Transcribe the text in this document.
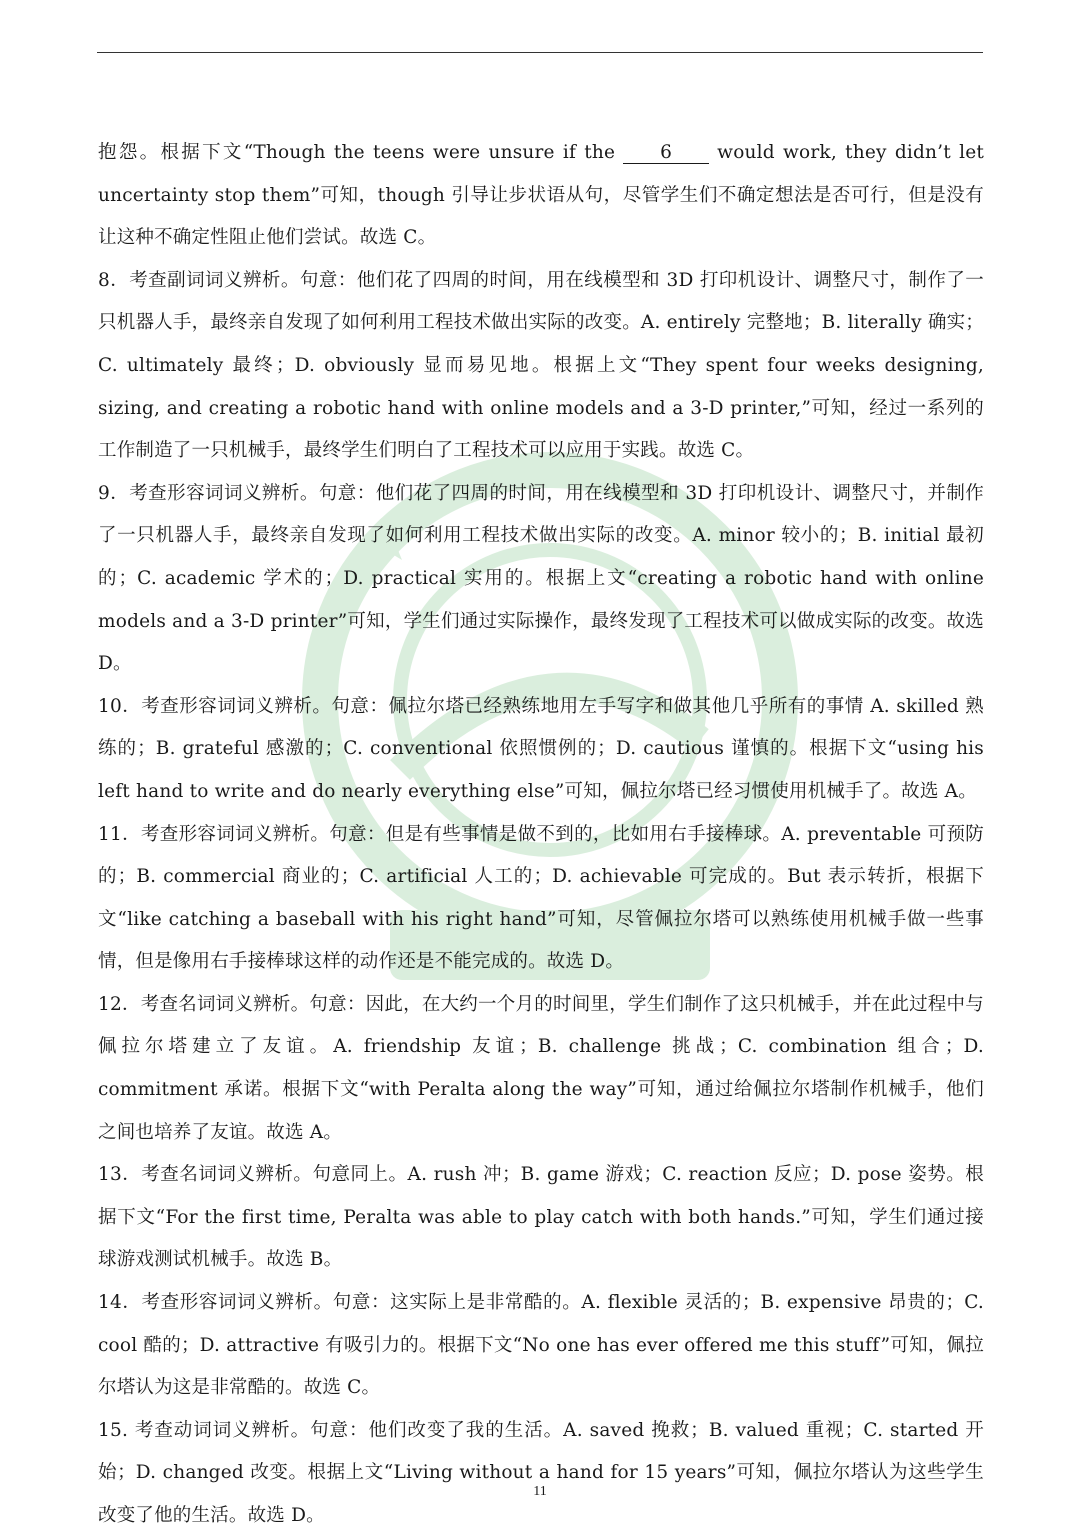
抱怨。根据下文“Though the teens were unsure if the 6 would work, they didn’t let uncertainty stop them”可知，though 引导让步状语从句，尽管学生们不确定想法是否可行，但是没有让这种不确定性阻止他们尝试。故选 C。

8．考查副词词义辨析。句意：他们花了四周的时间，用在线模型和 3D 打印机设计、调整尺寸，制作了一只机器人手，最终亲自发现了如何利用工程技术做出实际的改变。A. entirely 完整地；B. literally 确实；C. ultimately 最终；D. obviously 显而易见地。根据上文“They spent four weeks designing, sizing, and creating a robotic hand with online models and a 3-D printer,”可知，经过一系列的工作制造了一只机械手，最终学生们明白了工程技术可以应用于实践。故选 C。

9．考查形容词词义辨析。句意：他们花了四周的时间，用在线模型和 3D 打印机设计、调整尺寸，并制作了一只机器人手，最终亲自发现了如何利用工程技术做出实际的改变。A. minor 较小的；B. initial 最初的；C. academic 学术的；D. practical 实用的。根据上文“creating a robotic hand with online models and a 3-D printer”可知，学生们通过实际操作，最终发现了工程技术可以做成实际的改变。故选 D。

10．考查形容词词义辨析。句意：佩拉尔塔已经熟练地用左手写字和做其他几乎所有的事情 A. skilled 熟练的；B. grateful 感激的；C. conventional 依照惯例的；D. cautious 谨慎的。根据下文“using his left hand to write and do nearly everything else”可知，佩拉尔塔已经习惯使用机械手了。故选 A。

11．考查形容词词义辨析。句意：但是有些事情是做不到的，比如用右手接棒球。A. preventable 可预防的；B. commercial 商业的；C. artificial 人工的；D. achievable 可完成的。But 表示转折，根据下文“like catching a baseball with his right hand”可知，尽管佩拉尔塔可以熟练使用机械手做一些事情，但是像用右手接棒球这样的动作还是不能完成的。故选 D。

12．考查名词词义辨析。句意：因此，在大约一个月的时间里，学生们制作了这只机械手，并在此过程中与佩拉尔塔建立了友谊。A. friendship 友谊；B. challenge 挑战；C. combination 组合；D. commitment 承诺。根据下文“with Peralta along the way”可知，通过给佩拉尔塔制作机械手，他们之间也培养了友谊。故选 A。

13．考查名词词义辨析。句意同上。A. rush 冲；B. game 游戏；C. reaction 反应；D. pose 姿势。根据下文“For the first time, Peralta was able to play catch with both hands.”可知，学生们通过接球游戏测试机械手。故选 B。

14．考查形容词词义辨析。句意：这实际上是非常酷的。A. flexible 灵活的；B. expensive 昂贵的；C. cool 酷的；D. attractive 有吸引力的。根据下文“No one has ever offered me this stuff”可知，佩拉尔塔认为这是非常酷的。故选 C。

15. 考查动词词义辨析。句意：他们改变了我的生活。A. saved 挽救；B. valued 重视；C. started 开始；D. changed 改变。根据上文“Living without a hand for 15 years”可知，佩拉尔塔认为这些学生改变了他的生活。故选 D。

11
